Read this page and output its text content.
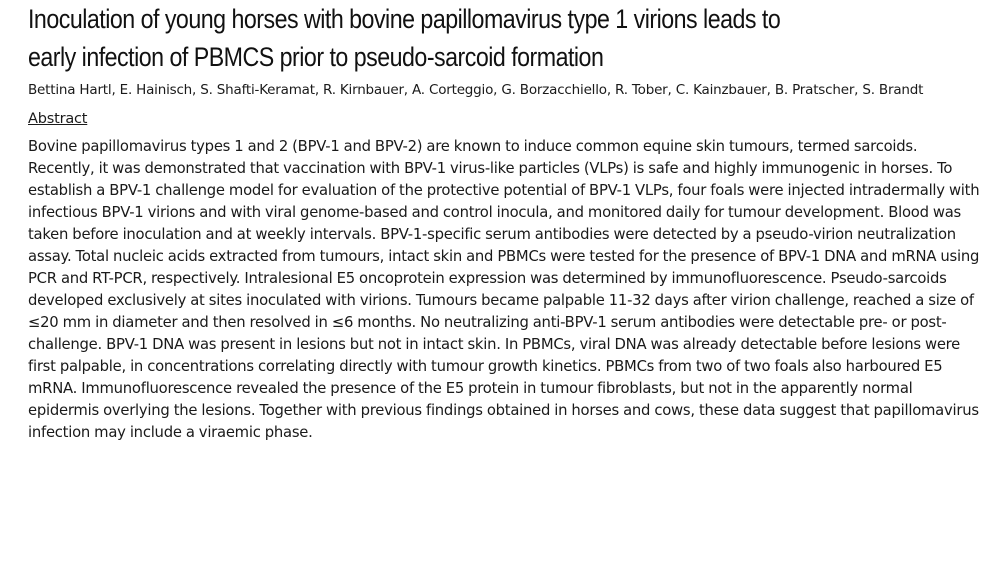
Inoculation of young horses with bovine papillomavirus type 1 virions leads to
early infection of PBMCS prior to pseudo-sarcoid formation

Bettina Hartl, E. Hainisch, S. Shafti-Keramat, R. Kirnbauer, A. Corteggio, G. Borzacchiello, R. Tober, C. Kainzbauer, B. Pratscher, S. Brandt

Abstract

Bovine papillomavirus types 1 and 2 (BPV-1 and BPV-2) are known to induce common equine skin tumours, termed sarcoids. Recently, it was demonstrated that vaccination with BPV-1 virus-like particles (VLPs) is safe and highly immunogenic in horses. To establish a BPV-1 challenge model for evaluation of the protective potential of BPV-1 VLPs, four foals were injected intradermally with infectious BPV-1 virions and with viral genome-based and control inocula, and monitored daily for tumour development. Blood was taken before inoculation and at weekly intervals. BPV-1-specific serum antibodies were detected by a pseudo-virion neutralization assay. Total nucleic acids extracted from tumours, intact skin and PBMCs were tested for the presence of BPV-1 DNA and mRNA using PCR and RT-PCR, respectively. Intralesional E5 oncoprotein expression was determined by immunofluorescence. Pseudo-sarcoids developed exclusively at sites inoculated with virions. Tumours became palpable 11-32 days after virion challenge, reached a size of ≤20 mm in diameter and then resolved in ≤6 months. No neutralizing anti-BPV-1 serum antibodies were detectable pre- or post-challenge. BPV-1 DNA was present in lesions but not in intact skin. In PBMCs, viral DNA was already detectable before lesions were first palpable, in concentrations correlating directly with tumour growth kinetics. PBMCs from two of two foals also harboured E5 mRNA. Immunofluorescence revealed the presence of the E5 protein in tumour fibroblasts, but not in the apparently normal epidermis overlying the lesions. Together with previous findings obtained in horses and cows, these data suggest that papillomavirus infection may include a viraemic phase.
